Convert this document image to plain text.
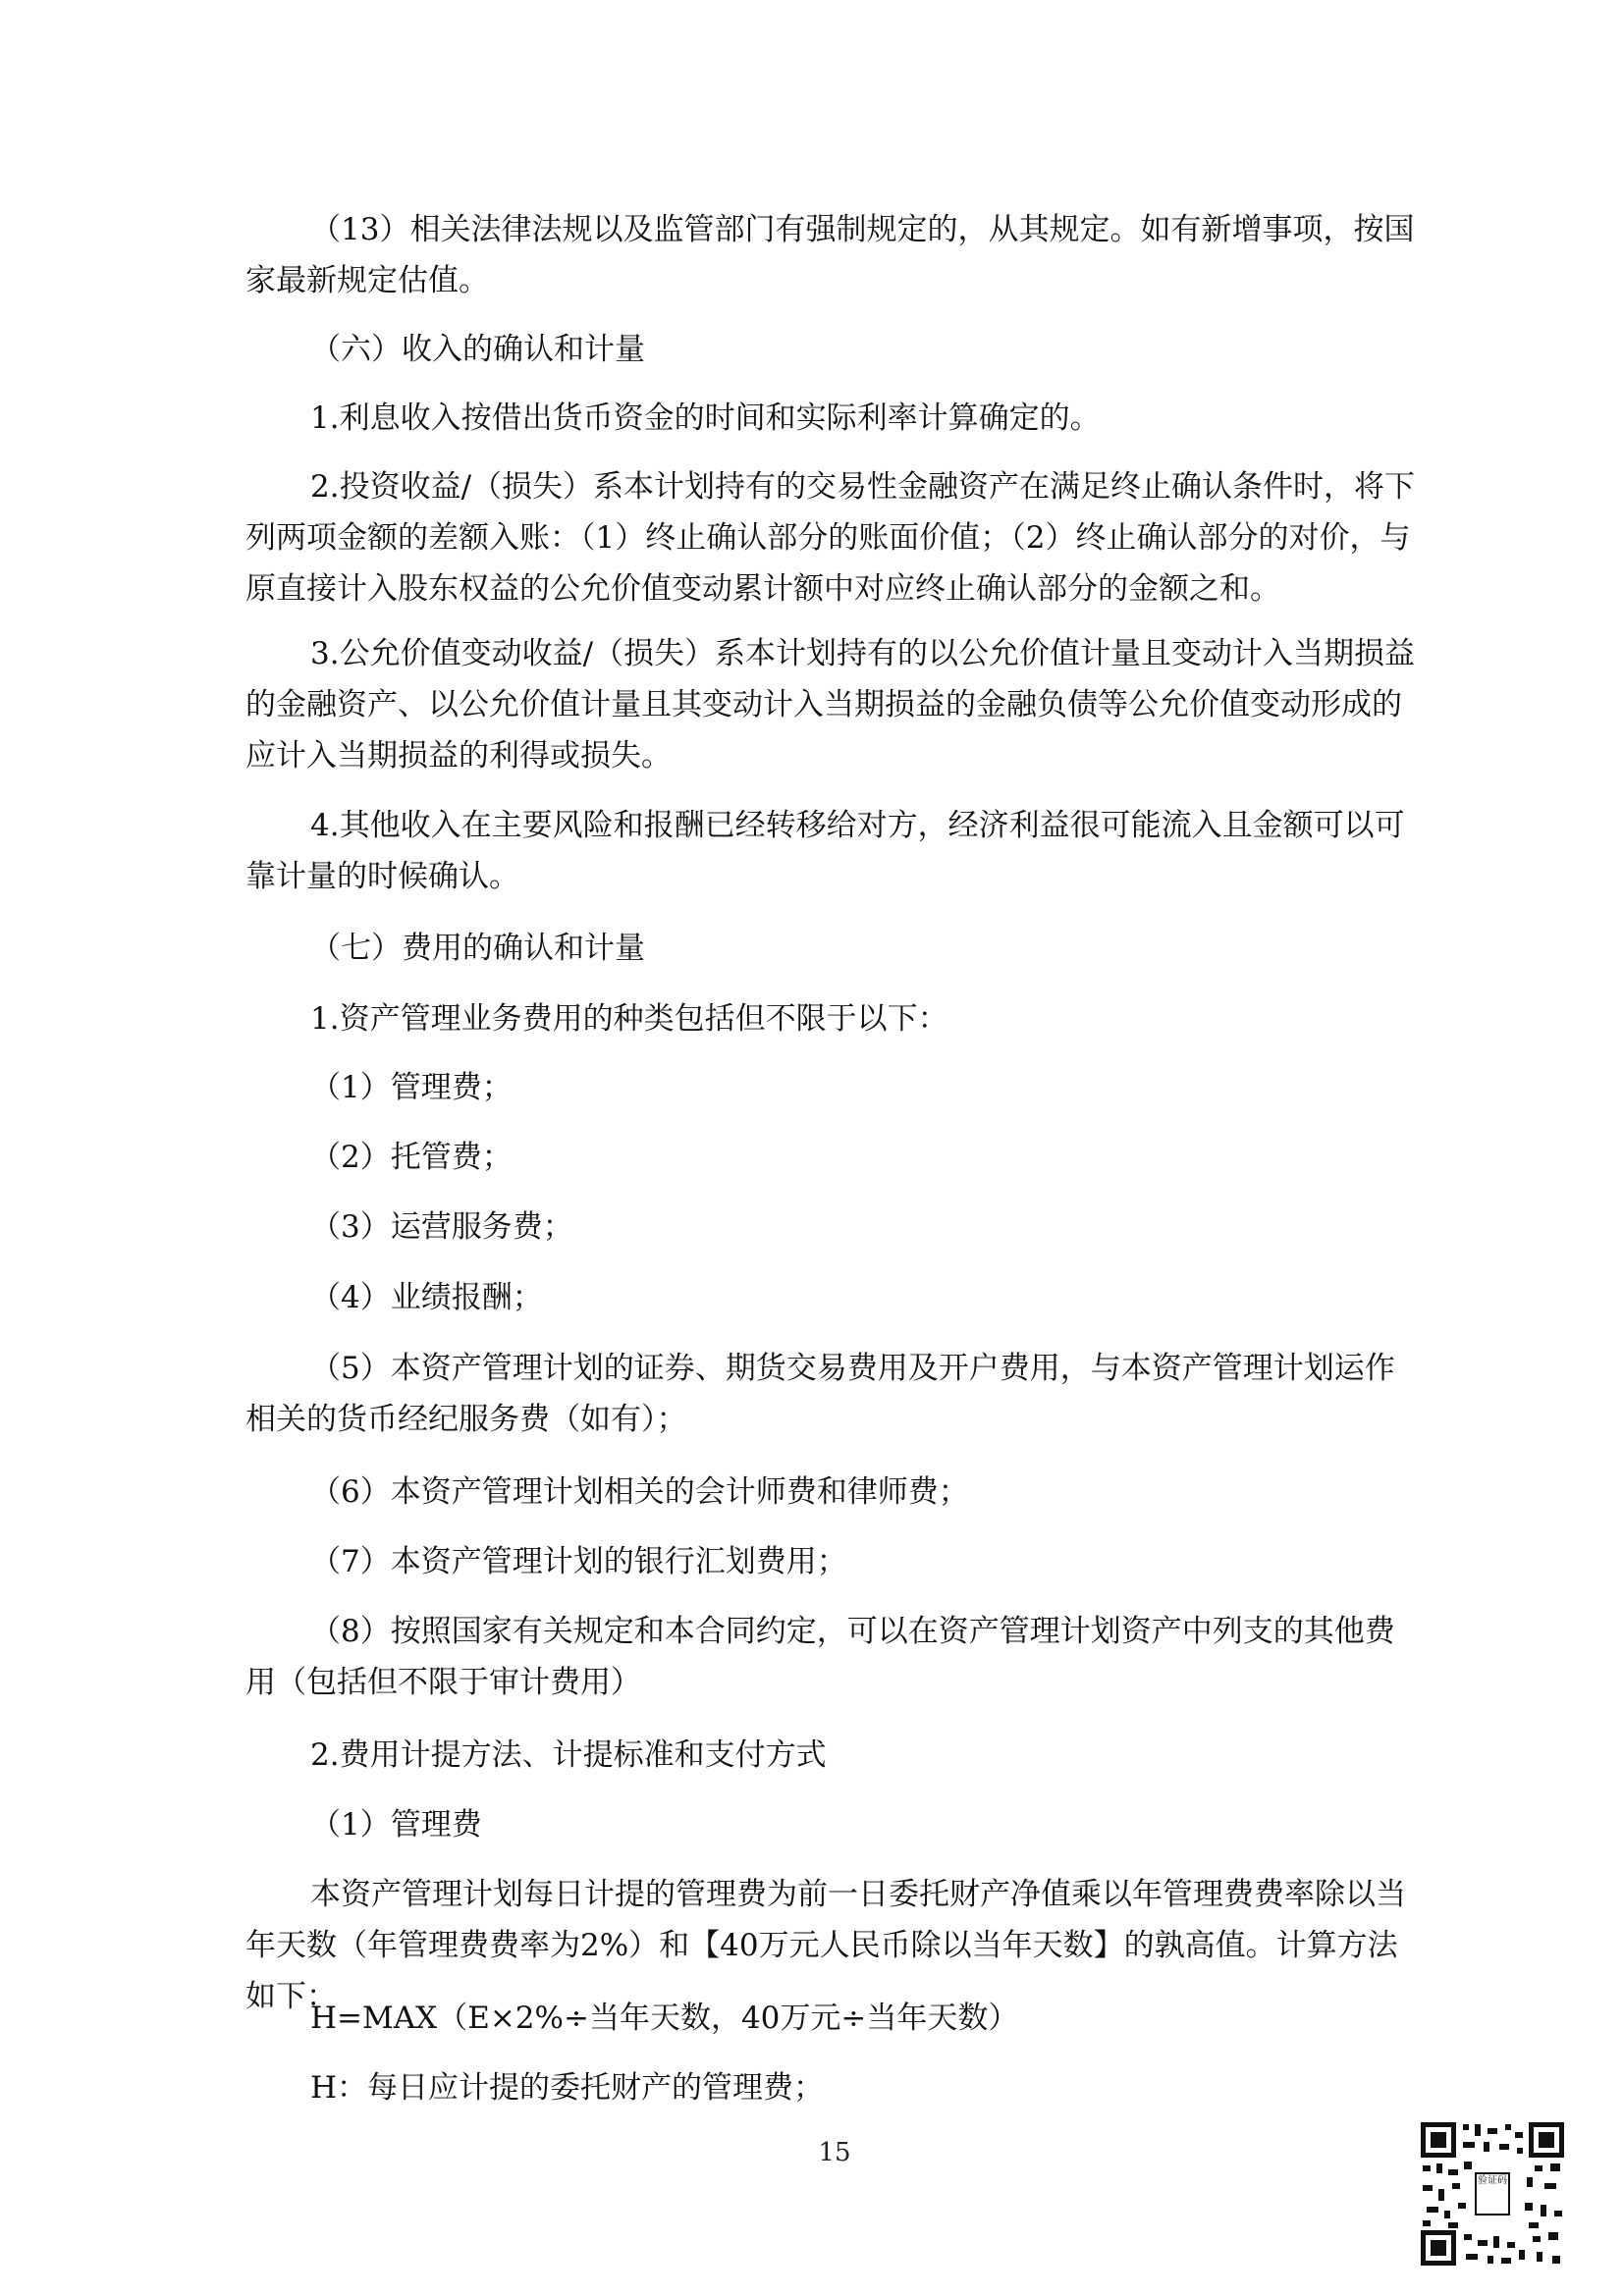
（13）相关法律法规以及监管部门有强制规定的，从其规定。如有新增事项，按国家最新规定估值。

（六）收入的确认和计量

1.利息收入按借出货币资金的时间和实际利率计算确定的。

2.投资收益/（损失）系本计划持有的交易性金融资产在满足终止确认条件时，将下列两项金额的差额入账：（1）终止确认部分的账面价值；（2）终止确认部分的对价，与原直接计入股东权益的公允价值变动累计额中对应终止确认部分的金额之和。

3.公允价值变动收益/（损失）系本计划持有的以公允价值计量且变动计入当期损益的金融资产、以公允价值计量且其变动计入当期损益的金融负债等公允价值变动形成的应计入当期损益的利得或损失。

4.其他收入在主要风险和报酬已经转移给对方，经济利益很可能流入且金额可以可靠计量的时候确认。

（七）费用的确认和计量

1.资产管理业务费用的种类包括但不限于以下：

（1）管理费；

（2）托管费；

（3）运营服务费；

（4）业绩报酬；

（5）本资产管理计划的证券、期货交易费用及开户费用，与本资产管理计划运作相关的货币经纪服务费（如有）；

（6）本资产管理计划相关的会计师费和律师费；

（7）本资产管理计划的银行汇划费用；

（8）按照国家有关规定和本合同约定，可以在资产管理计划资产中列支的其他费用（包括但不限于审计费用）

2.费用计提方法、计提标准和支付方式

（1）管理费

本资产管理计划每日计提的管理费为前一日委托财产净值乘以年管理费费率除以当年天数（年管理费费率为2%）和【40万元人民币除以当年天数】的孰高值。计算方法如下：

H=MAX（E×2%÷当年天数，40万元÷当年天数）

H：每日应计提的委托财产的管理费；

15
验证码
